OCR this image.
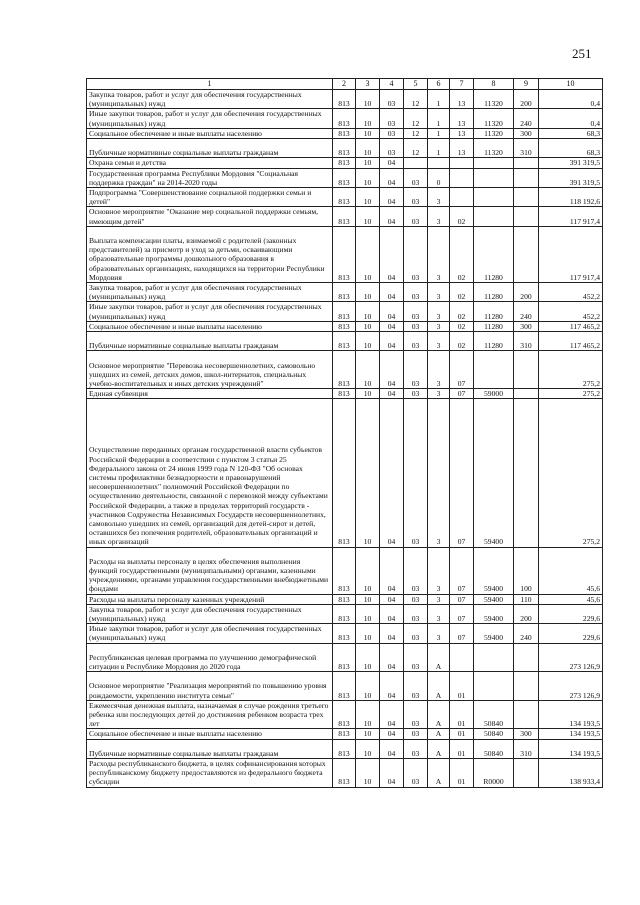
251
1	2	3	4	5	6	7	8	9	10
Закупка товаров, работ и услуг для обеспечения государственных (муниципальных) нужд	813	10	03	12	1	13	11320	200	0,4
Иные закупки товаров, работ и услуг для обеспечения государственных (муниципальных) нужд	813	10	03	12	1	13	11320	240	0,4
Социальное обеспечение и иные выплаты населению	813	10	03	12	1	13	11320	300	68,3
Публичные нормативные социальные выплаты гражданам	813	10	03	12	1	13	11320	310	68,3
Охрана семьи и детства	813	10	04						391 319,5
Государственная программа Республики Мордовия "Социальная поддержка граждан" на 2014-2020 годы	813	10	04	03	0				391 319,5
Подпрограмма "Совершенствование социальной поддержки семьи и детей"	813	10	04	03	3				118 192,6
Основное мероприятие "Оказание мер социальной поддержки семьям, имеющим детей"	813	10	04	03	3	02			117 917,4
Выплата компенсации платы, взимаемой с родителей (законных представителей) за присмотр и уход за детьми, осваивающими образовательные программы дошкольного образования в образовательных организациях, находящихся на территории Республики Мордовия	813	10	04	03	3	02	11280		117 917,4
Закупка товаров, работ и услуг для обеспечения государственных (муниципальных) нужд	813	10	04	03	3	02	11280	200	452,2
Иные закупки товаров, работ и услуг для обеспечения государственных (муниципальных) нужд	813	10	04	03	3	02	11280	240	452,2
Социальное обеспечение и иные выплаты населению	813	10	04	03	3	02	11280	300	117 465,2
Публичные нормативные социальные выплаты гражданам	813	10	04	03	3	02	11280	310	117 465,2
Основное мероприятие "Перевозка несовершеннолетних, самовольно ушедших из семей, детских домов, школ-интернатов, специальных учебно-воспитательных и иных детских учреждений"	813	10	04	03	3	07			275,2
Единая субвенция	813	10	04	03	3	07	59000		275,2
Осуществление переданных органам государственной власти субъектов Российской Федерации в соответствии с пунктом 3 статьи 25 Федерального закона от 24 июня 1999 года N 120-ФЗ "Об основах системы профилактики безнадзорности и правонарушений несовершеннолетних" полномочий Российской Федерации по осуществлению деятельности, связанной с перевозкой между субъектами Российской Федерации, а также в пределах территорий государств - участников Содружества Независимых Государств несовершеннолетних, самовольно ушедших из семей, организаций для детей-сирот и детей, оставшихся без попечения родителей, образовательных организаций и иных организаций	813	10	04	03	3	07	59400		275,2
Расходы на выплаты персоналу в целях обеспечения выполнения функций государственными (муниципальными) органами, казенными учреждениями, органами управления государственными внебюджетными фондами	813	10	04	03	3	07	59400	100	45,6
Расходы на выплаты персоналу казенных учреждений	813	10	04	03	3	07	59400	110	45,6
Закупка товаров, работ и услуг для обеспечения государственных (муниципальных) нужд	813	10	04	03	3	07	59400	200	229,6
Иные закупки товаров, работ и услуг для обеспечения государственных (муниципальных) нужд	813	10	04	03	3	07	59400	240	229,6
Республиканская целевая программа по улучшению демографической ситуации в Республике Мордовия до 2020 года	813	10	04	03	А				273 126,9
Основное мероприятие "Реализация мероприятий по повышению уровня рождаемости, укреплению института семьи"	813	10	04	03	А	01			273 126,9
Ежемесячная денежная выплата, назначаемая в случае рождения третьего ребенка или последующих детей до достижения ребенком возраста трех лет	813	10	04	03	А	01	50840		134 193,5
Социальное обеспечение и иные выплаты населению	813	10	04	03	А	01	50840	300	134 193,5
Публичные нормативные социальные выплаты гражданам	813	10	04	03	А	01	50840	310	134 193,5
Расходы республиканского бюджета, в целях софинансирования которых республиканскому бюджету предоставляются из федерального бюджета субсидии	813	10	04	03	А	01	R0000		138 933,4
